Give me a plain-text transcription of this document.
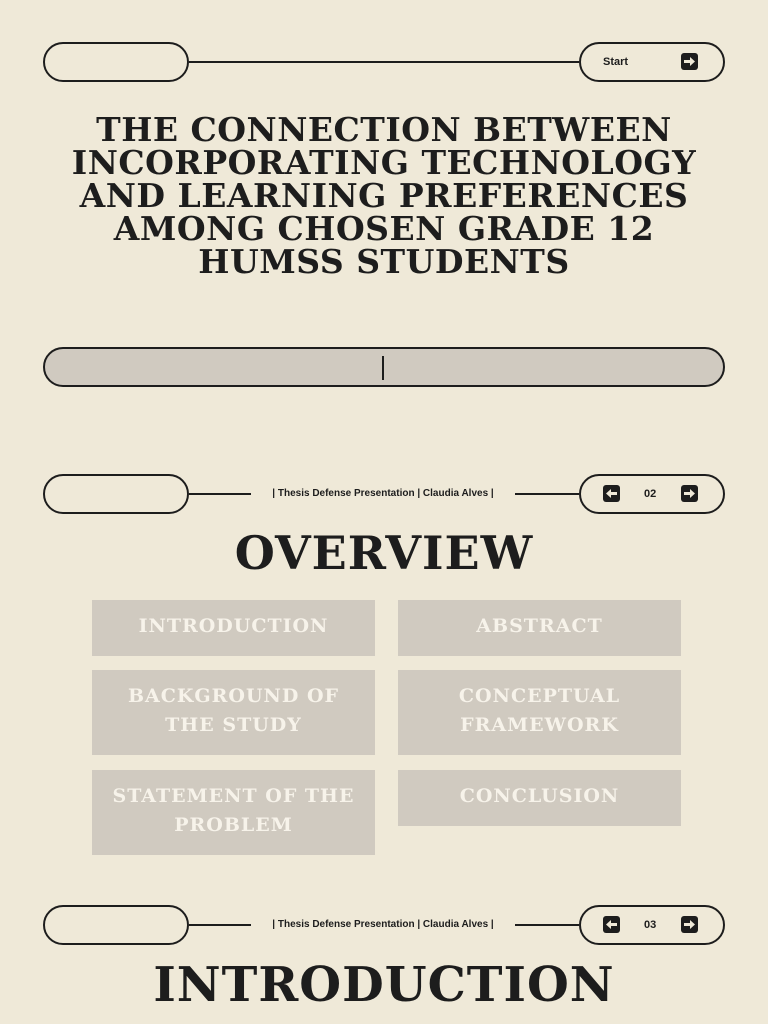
Start
THE CONNECTION BETWEEN INCORPORATING TECHNOLOGY AND LEARNING PREFERENCES AMONG CHOSEN GRADE 12 HUMSS STUDENTS
| Thesis Defense Presentation | Claudia Alves |	02
OVERVIEW
INTRODUCTION	ABSTRACT
BACKGROUND OF THE STUDY
CONCEPTUAL FRAMEWORK
STATEMENT OF THE PROBLEM
CONCLUSION
| Thesis Defense Presentation | Claudia Alves |	03
INTRODUCTION
